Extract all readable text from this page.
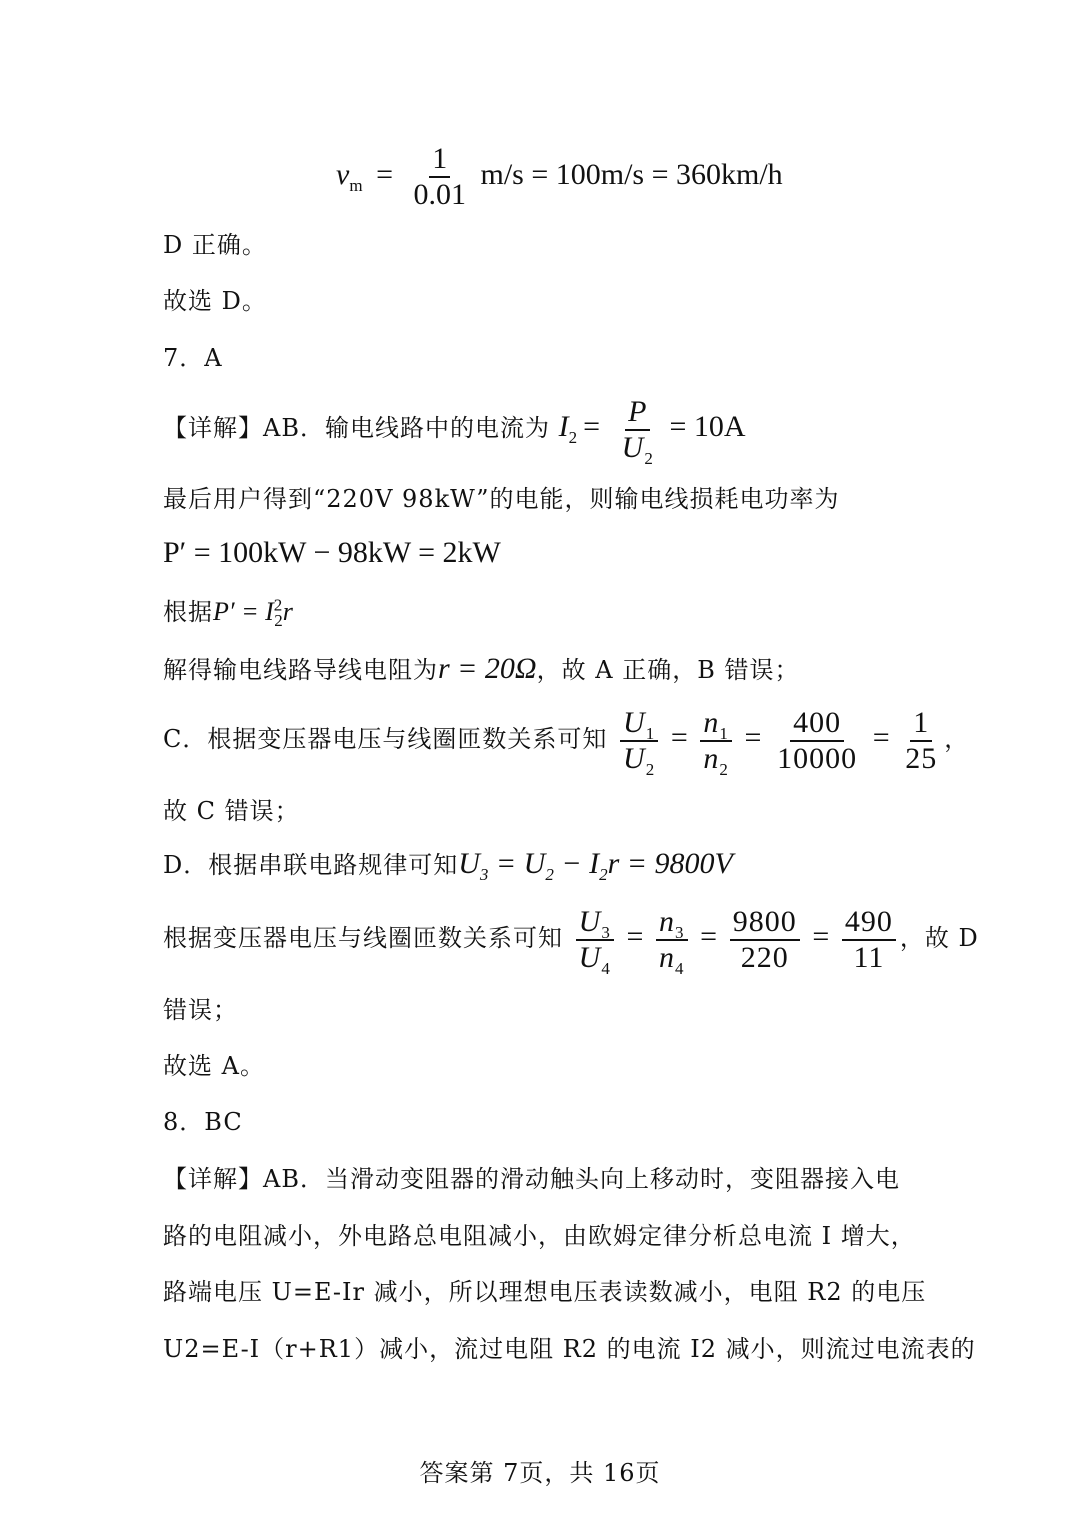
$v_m = \frac{1}{0.01} m/s = 100m/s = 360km/h$
D 正确。
故选 D。
7．A
【详解】AB．输电线路中的电流为 $I_2 = \frac{P}{U_2} = 10A$
最后用户得到“220V 98kW”的电能，则输电线损耗电功率为
P′ = 100kW − 98kW = 2kW
根据$P' = I^2_2r$
解得输电线路导线电阻为r = 20Ω，故 A 正确，B 错误；
C．根据变压器电压与线圈匝数关系可知 $\frac{U_1}{U_2} = \frac{n_1}{n_2} = \frac{400}{10000} = \frac{1}{25}$ ，
故 C 错误；
D．根据串联电路规律可知$U_3 = U_2 - I_2r = 9800V$
根据变压器电压与线圈匝数关系可知 $\frac{U_3}{U_4} = \frac{n_3}{n_4} = \frac{9800}{220} = \frac{490}{11}$ ，故 D
错误；
故选 A。
8．BC
【详解】AB．当滑动变阻器的滑动触头向上移动时，变阻器接入电
路的电阻减小，外电路总电阻减小，由欧姆定律分析总电流 I 增大，
路端电压 U=E-Ir 减小，所以理想电压表读数减小，电阻 R2 的电压
U2=E-I（r+R1）减小，流过电阻 R2 的电流 I2 减小，则流过电流表的
答案第 7页，共 16页
